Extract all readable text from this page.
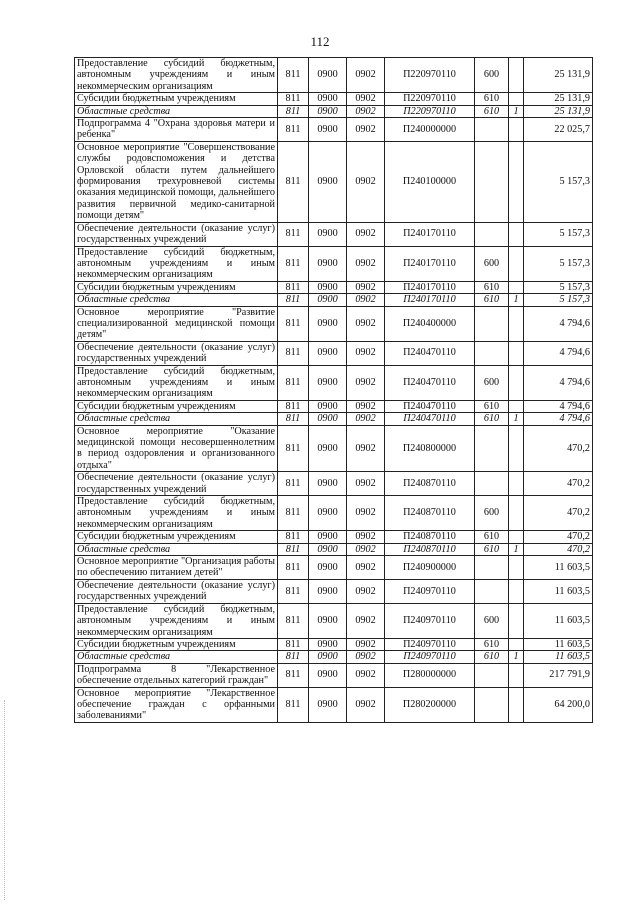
112
Предоставление субсидий бюджетным, автономным учреждениям и иным некоммерческим организациям	811	0900	0902	П220970110	600		25 131,9
Субсидии бюджетным учреждениям	811	0900	0902	П220970110	610		25 131,9
Областные средства	811	0900	0902	П220970110	610	1	25 131,9
Подпрограмма 4 "Охрана здоровья матери и ребенка"	811	0900	0902	П240000000			22 025,7
Основное мероприятие "Совершенствование службы родовспоможения и детства Орловской области путем дальнейшего формирования трехуровневой системы оказания медицинской помощи, дальнейшего развития первичной медико-санитарной помощи детям"	811	0900	0902	П240100000			5 157,3
Обеспечение деятельности (оказание услуг) государственных учреждений	811	0900	0902	П240170110			5 157,3
Предоставление субсидий бюджетным, автономным учреждениям и иным некоммерческим организациям	811	0900	0902	П240170110	600		5 157,3
Субсидии бюджетным учреждениям	811	0900	0902	П240170110	610		5 157,3
Областные средства	811	0900	0902	П240170110	610	1	5 157,3
Основное мероприятие "Развитие специализированной медицинской помощи детям"	811	0900	0902	П240400000			4 794,6
Обеспечение деятельности (оказание услуг) государственных учреждений	811	0900	0902	П240470110			4 794,6
Предоставление субсидий бюджетным, автономным учреждениям и иным некоммерческим организациям	811	0900	0902	П240470110	600		4 794,6
Субсидии бюджетным учреждениям	811	0900	0902	П240470110	610		4 794,6
Областные средства	811	0900	0902	П240470110	610	1	4 794,6
Основное мероприятие "Оказание медицинской помощи несовершеннолетним в период оздоровления и организованного отдыха"	811	0900	0902	П240800000			470,2
Обеспечение деятельности (оказание услуг) государственных учреждений	811	0900	0902	П240870110			470,2
Предоставление субсидий бюджетным, автономным учреждениям и иным некоммерческим организациям	811	0900	0902	П240870110	600		470,2
Субсидии бюджетным учреждениям	811	0900	0902	П240870110	610		470,2
Областные средства	811	0900	0902	П240870110	610	1	470,2
Основное мероприятие "Организация работы по обеспечению питанием детей"	811	0900	0902	П240900000			11 603,5
Обеспечение деятельности (оказание услуг) государственных учреждений	811	0900	0902	П240970110			11 603,5
Предоставление субсидий бюджетным, автономным учреждениям и иным некоммерческим организациям	811	0900	0902	П240970110	600		11 603,5
Субсидии бюджетным учреждениям	811	0900	0902	П240970110	610		11 603,5
Областные средства	811	0900	0902	П240970110	610	1	11 603,5
Подпрограмма 8 "Лекарственное обеспечение отдельных категорий граждан"	811	0900	0902	П280000000			217 791,9
Основное мероприятие "Лекарственное обеспечение граждан с орфанными заболеваниями"	811	0900	0902	П280200000			64 200,0
